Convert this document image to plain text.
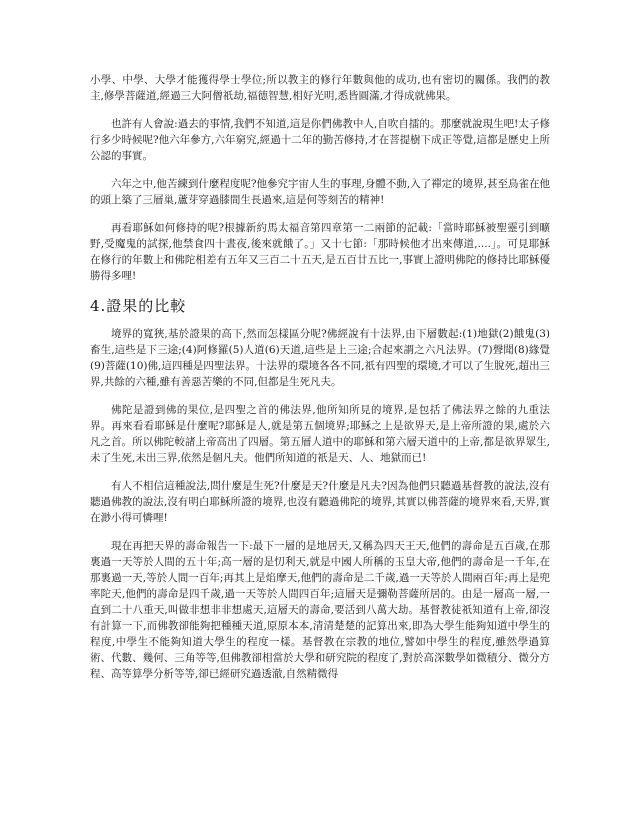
小學、中學、大學才能獲得學士學位;所以教主的修行年數與他的成功,也有密切的關係。我們的教主,修學菩薩道,經過三大阿僧祇劫,福德智慧,相好光明,悉皆圓滿,才得成就佛果。

也許有人會說:過去的事情,我們不知道,這是你們佛教中人,自吹自擂的。那麼就說現生吧!太子修行多少時候呢?他六年參方,六年窮究,經過十二年的勤苦修持,才在菩提樹下成正等覺,這都是歷史上所公認的事實。

六年之中,他苦練到什麼程度呢?他參究宇宙人生的事理,身體不動,入了禪定的境界,甚至鳥雀在他的頭上築了三層巢,蘆芽穿過膝間生長過來,這是何等刻苦的精神!

再看耶穌如何修持的呢?根據新約馬太福音第四章第一二兩節的記載:「當時耶穌被聖靈引到曠野,受魔鬼的試探,他禁食四十晝夜,後來就餓了。」又十七節:「那時候他才出來傳道,....」。可見耶穌在修行的年數上和佛陀相差有五年又三百二十五天,是五百廿五比一,事實上證明佛陀的修持比耶穌優勝得多哩!

4.證果的比較

境界的寬狹,基於證果的高下,然而怎樣區分呢?佛經說有十法界,由下層數起:(1)地獄(2)餓鬼(3)畜生,這些是下三途;(4)阿修羅(5)人道(6)天道,這些是上三途;合起來謂之六凡法界。(7)聲聞(8)緣覺(9)菩薩(10)佛,這四種是四聖法界。十法界的環境各各不同,祇有四聖的環境,才可以了生脫死,超出三界,共餘的六種,雖有善惡苦樂的不同,但都是生死凡夫。

佛陀是證到佛的果位,是四聖之首的佛法界,他所知所見的境界,是包括了佛法界之餘的九重法界。再來看看耶穌是什麼呢?耶穌是人,就是第五個境界;耶穌之上是欲界天,是上帝所證的果,處於六凡之首。所以佛陀較諸上帝高出了四層。第五層人道中的耶穌和第六層天道中的上帝,都是欲界眾生,未了生死,未出三界,依然是個凡夫。他們所知道的祇是天、人、地獄而已!

有人不相信這種說法,問什麼是生死?什麼是天?什麼是凡夫?因為他們只聽過基督教的說法,沒有聽過佛教的說法,沒有明白耶穌所證的境界,也沒有聽過佛陀的境界,其實以佛菩薩的境界來看,天界,實在渺小得可憐哩!

現在再把天界的壽命報告一下:最下一層的是地居天,又稱為四天王天,他們的壽命是五百歲,在那裏過一天等於人間的五十年;高一層的是忉利天,就是中國人所稱的玉皇大帝,他們的壽命是一千年,在那裏過一天,等於人間一百年;再其上是焰摩天,他們的壽命是二千歲,過一天等於人間兩百年;再上是兜率陀天,他們的壽命是四千歲,過一天等於人間四百年;這層天是彌勒菩薩所居的。由是一層高一層,一直到二十八重天,叫做非想非非想處天,這層天的壽命,要活到八萬大劫。基督教徒祇知道有上帝,卻沒有計算一下,而佛教卻能夠把種種天道,原原本本,清清楚楚的記算出來,即為大學生能夠知道中學生的程度,中學生不能夠知道大學生的程度一樣。基督教在宗教的地位,譬如中學生的程度,雖然學過算術、代數、幾何、三角等等,但佛教卻相當於大學和研究院的程度了,對於高深數學如微積分、微分方程、高等算學分析等等,卻已經研究過透澈,自然精微得
